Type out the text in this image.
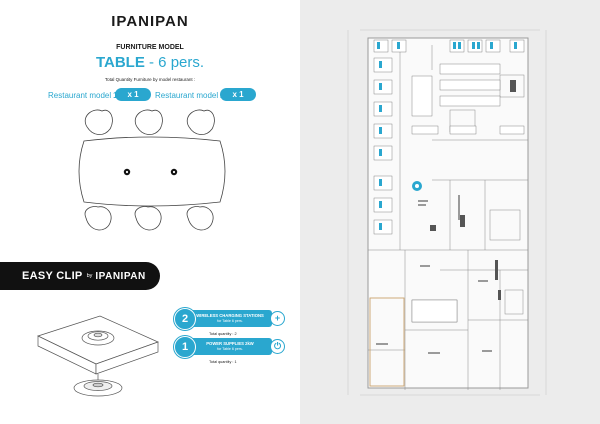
IPANIPAN
FURNITURE MODEL
TABLE - 6 pers.
Total Quantity Furniture by model restaurant :
Restaurant model	x 1	Restaurant model	x 1
EASY CLIP by IPANIPAN
WIRELESS CHARGING STATIONS
for Table 6 pers.
2	+
Total quantity : 2
POWER SUPPLIES 2kW
for Table 6 pers.
1	⏻
Total quantity : 1
